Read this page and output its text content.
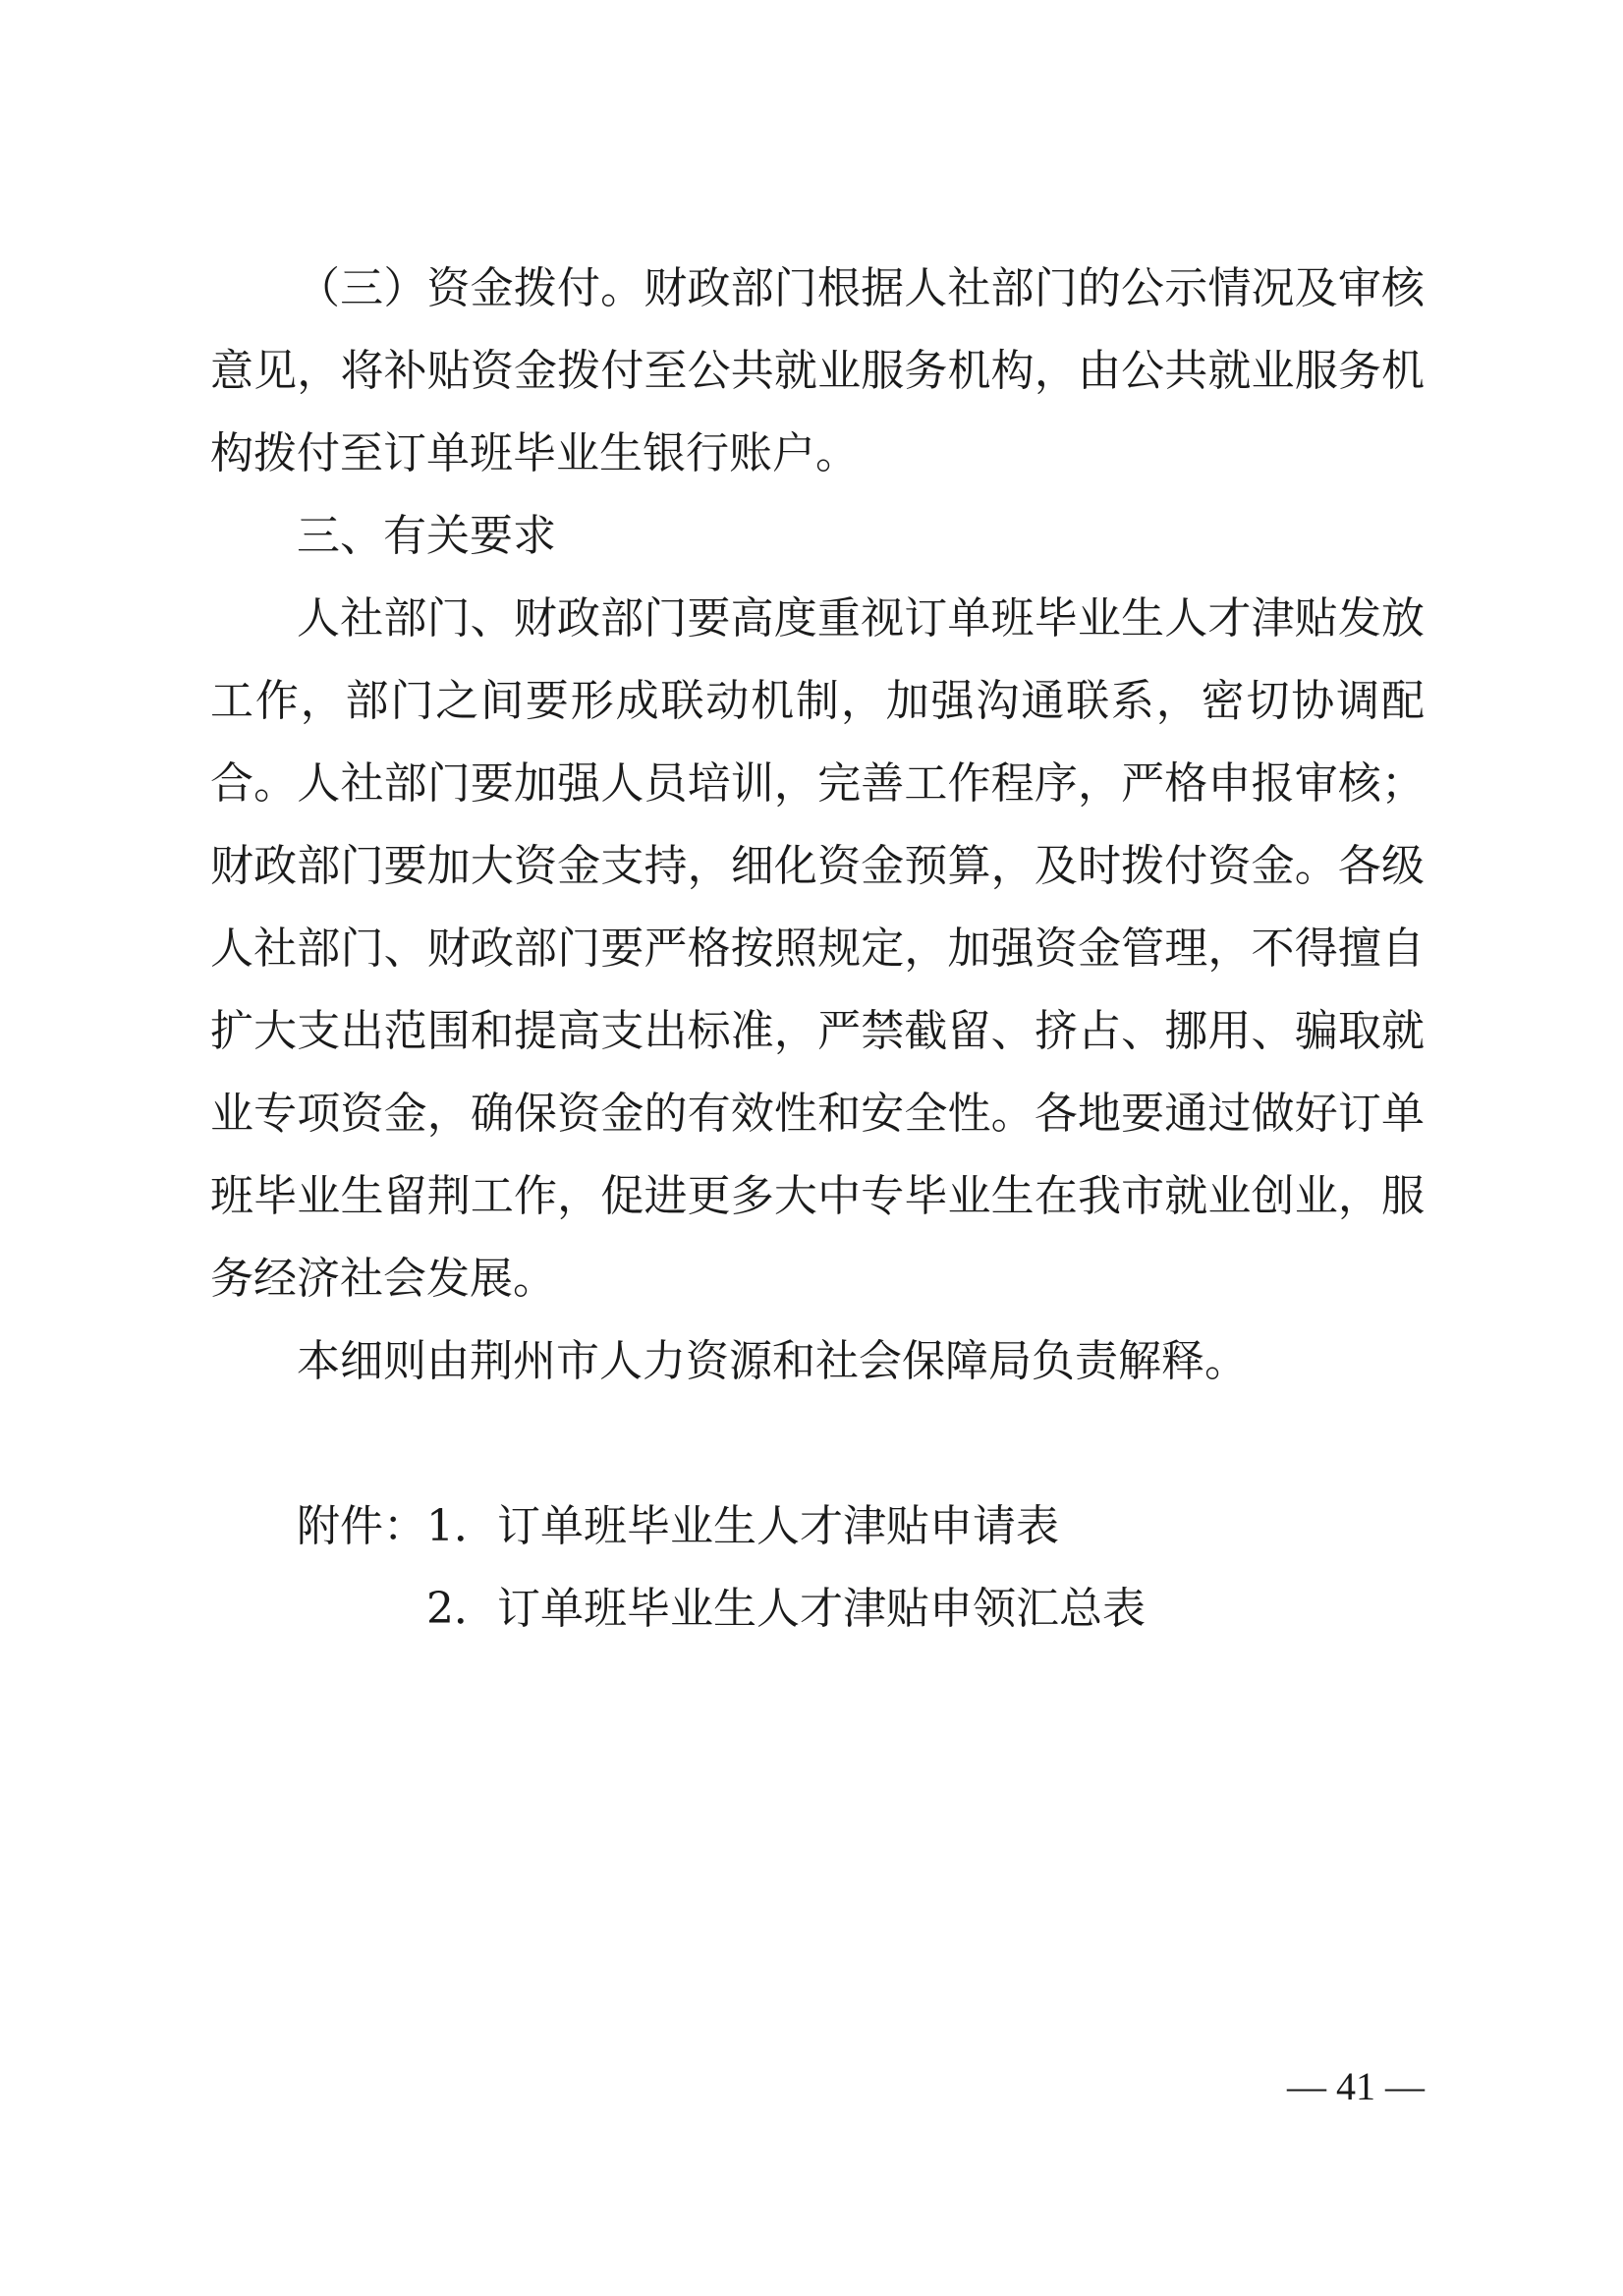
（三）资金拨付。财政部门根据人社部门的公示情况及审核意见，将补贴资金拨付至公共就业服务机构，由公共就业服务机构拨付至订单班毕业生银行账户。

三、有关要求

人社部门、财政部门要高度重视订单班毕业生人才津贴发放工作，部门之间要形成联动机制，加强沟通联系，密切协调配合。人社部门要加强人员培训，完善工作程序，严格申报审核；财政部门要加大资金支持，细化资金预算，及时拨付资金。各级人社部门、财政部门要严格按照规定，加强资金管理，不得擅自扩大支出范围和提高支出标准，严禁截留、挤占、挪用、骗取就业专项资金，确保资金的有效性和安全性。各地要通过做好订单班毕业生留荆工作，促进更多大中专毕业生在我市就业创业，服务经济社会发展。

本细则由荆州市人力资源和社会保障局负责解释。

附件：1．订单班毕业生人才津贴申请表

2．订单班毕业生人才津贴申领汇总表

— 41 —
